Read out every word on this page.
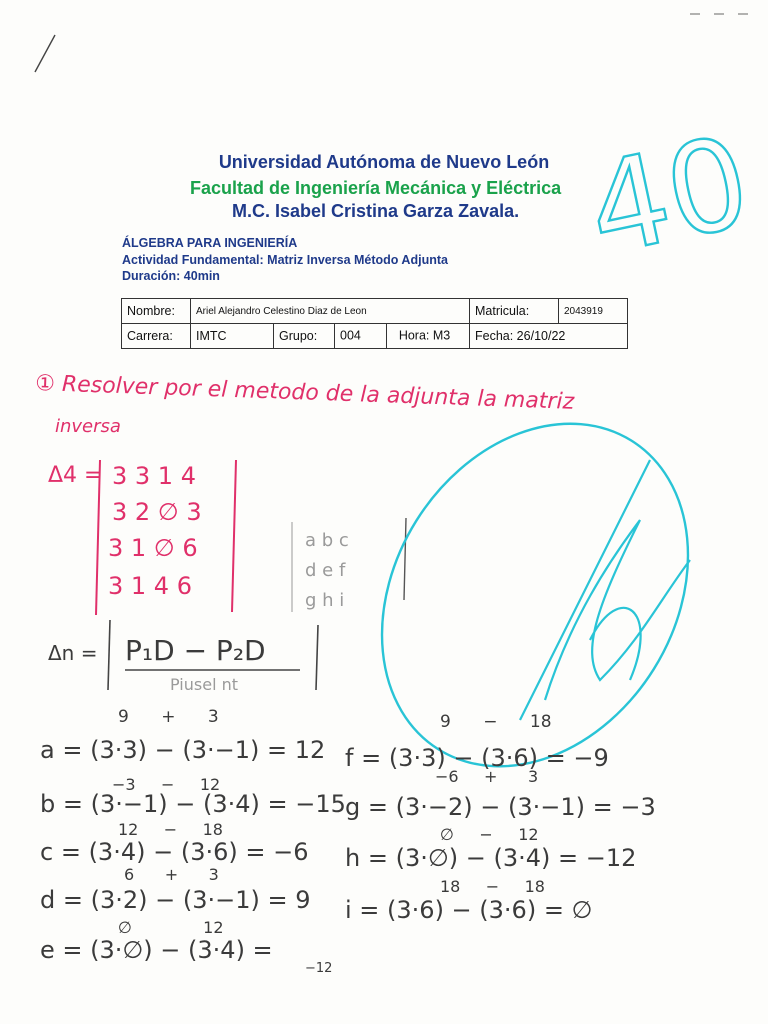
Universidad Autónoma de Nuevo León
Facultad de Ingeniería Mecánica y Eléctrica
M.C. Isabel Cristina Garza Zavala.
ÁLGEBRA PARA INGENIERÍA
Actividad Fundamental: Matriz Inversa Método Adjunta
Duración: 40min
Nombre:	Ariel Alejandro Celestino Diaz de Leon			Matricula:	2043919
Carrera:	IMTC	Grupo:	004 Hora: M3	Fecha: 26/10/22	
40
① Resolver por el metodo de la adjunta la matriz
inversa
Δ4 = 3 3 1 4
3 2 ∅ 3
3 1 ∅ 6
3 1 4 6
a b c
d e f
g h i
Δn = P₁D − P₂D
Piusel nt
9      +      3
a = (3·3) − (3·−1) = 12
−3     −     12
b = (3·−1) − (3·4) = −15
12     −     18
c = (3·4) − (3·6) = −6
6      +      3
d = (3·2) − (3·−1) = 9
∅              12
e = (3·∅) − (3·4) =
−12
9      −      18
f = (3·3) − (3·6) = −9
−6     +      3
g = (3·−2) − (3·−1) = −3
∅     −     12
h = (3·∅) − (3·4) = −12
18     −     18
i = (3·6) − (3·6) = ∅
